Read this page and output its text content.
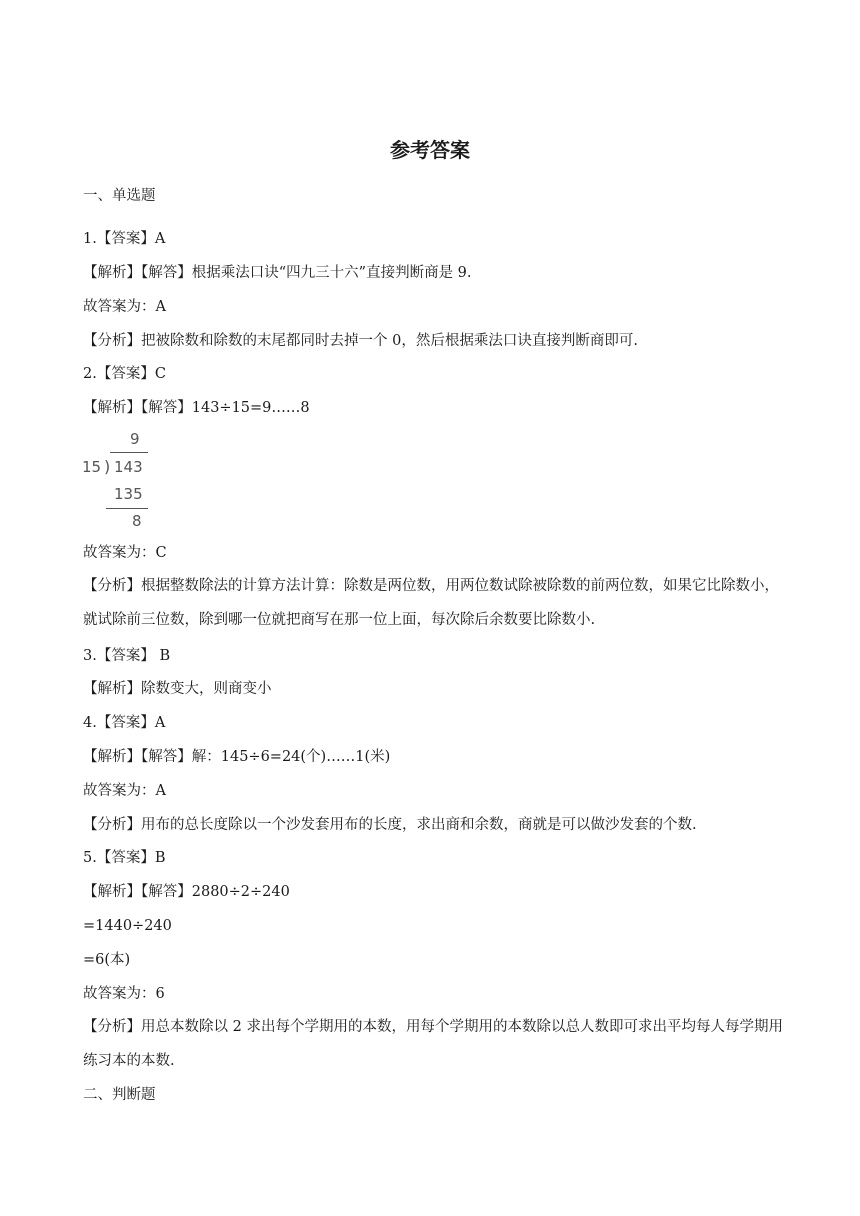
参考答案
一、单选题
1.【答案】A
【解析】【解答】根据乘法口诀“四九三十六”直接判断商是 9.
故答案为：A
【分析】把被除数和除数的末尾都同时去掉一个 0，然后根据乘法口诀直接判断商即可.
2.【答案】C
【解析】【解答】143÷15=9……8
9
15 ) 143
135
8
故答案为：C
【分析】根据整数除法的计算方法计算：除数是两位数，用两位数试除被除数的前两位数，如果它比除数小，就试除前三位数，除到哪一位就把商写在那一位上面，每次除后余数要比除数小.
3.【答案】 B
【解析】除数变大，则商变小
4.【答案】A
【解析】【解答】解：145÷6=24(个)……1(米)
故答案为：A
【分析】用布的总长度除以一个沙发套用布的长度，求出商和余数，商就是可以做沙发套的个数.
5.【答案】B
【解析】【解答】2880÷2÷240
=1440÷240
=6(本)
故答案为：6
【分析】用总本数除以 2 求出每个学期用的本数，用每个学期用的本数除以总人数即可求出平均每人每学期用练习本的本数.
二、判断题
